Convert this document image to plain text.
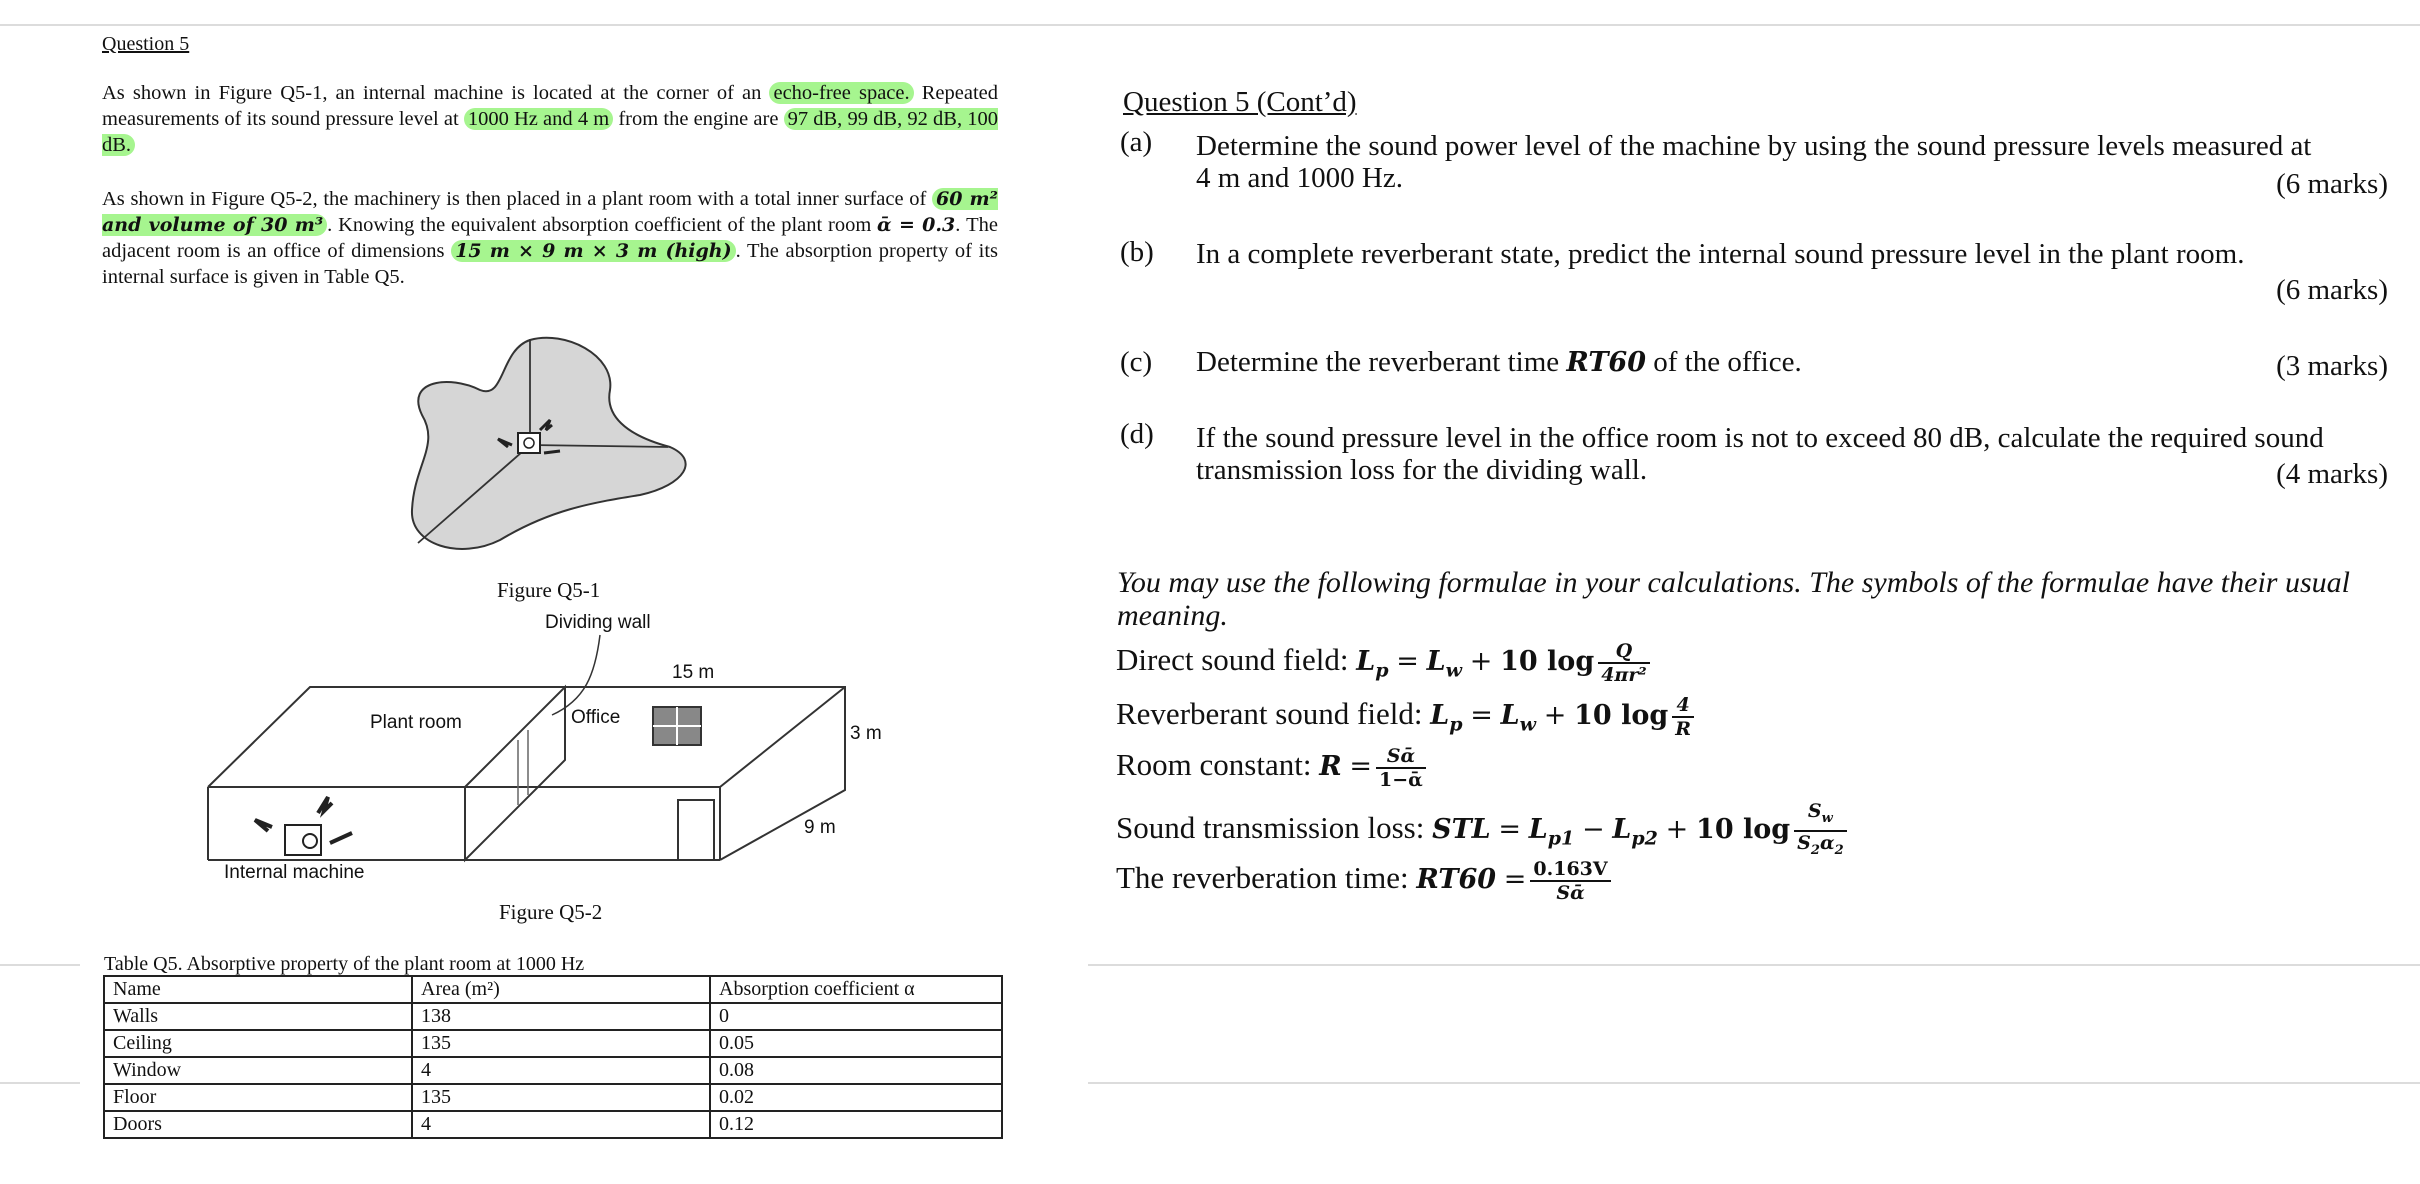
Question 5
As shown in Figure Q5-1, an internal machine is located at the corner of an echo-free space. Repeated measurements of its sound pressure level at 1000 Hz and 4 m from the engine are 97 dB, 99 dB, 92 dB, 100 dB.
As shown in Figure Q5-2, the machinery is then placed in a plant room with a total inner surface of 60 m² and volume of 30 m³ . Knowing the equivalent absorption coefficient of the plant room ᾱ = 0.3. The adjacent room is an office of dimensions 15 m × 9 m × 3 m (high) . The absorption property of its internal surface is given in Table Q5.
Figure Q5-1
Dividing wall
Plant room	Office
15 m
3 m
9 m
Internal machine
Figure Q5-2
Table Q5. Absorptive property of the plant room at 1000 Hz
Name	Area (m²)	Absorption coefficient α
Walls	138	0
Ceiling	135	0.05
Window	4	0.08
Floor	135	0.02
Doors	4	0.12
Question 5 (Cont’d)
(a) Determine the sound power level of the machine by using the sound pressure levels measured at
4 m and 1000 Hz.	(6 marks)
(b) In a complete reverberant state, predict the internal sound pressure level in the plant room.
(6 marks)
(c) Determine the reverberant time RT60 of the office.	(3 marks)
(d) If the sound pressure level in the office room is not to exceed 80 dB, calculate the required sound
transmission loss for the dividing wall.	(4 marks)
You may use the following formulae in your calculations. The symbols of the formulae have their usual meaning.
Direct sound field: $L_p = L_w + 10$ $\log \frac{Q}{\text{4πr²}}$
Reverberant sound field: $L_p = L_w + 10$ $\log \frac{4}{R}$
Room constant: $R = \frac{\text{Sᾱ}}{\text{1−ᾱ}}$
Sound transmission loss: STL = $L_{p1} - L_{p2} + 10$ $\log \frac{S_w}{S_2\alpha_2}$
The reverberation time: $RT60 = \frac{0.163V}{\text{Sᾱ}}$
